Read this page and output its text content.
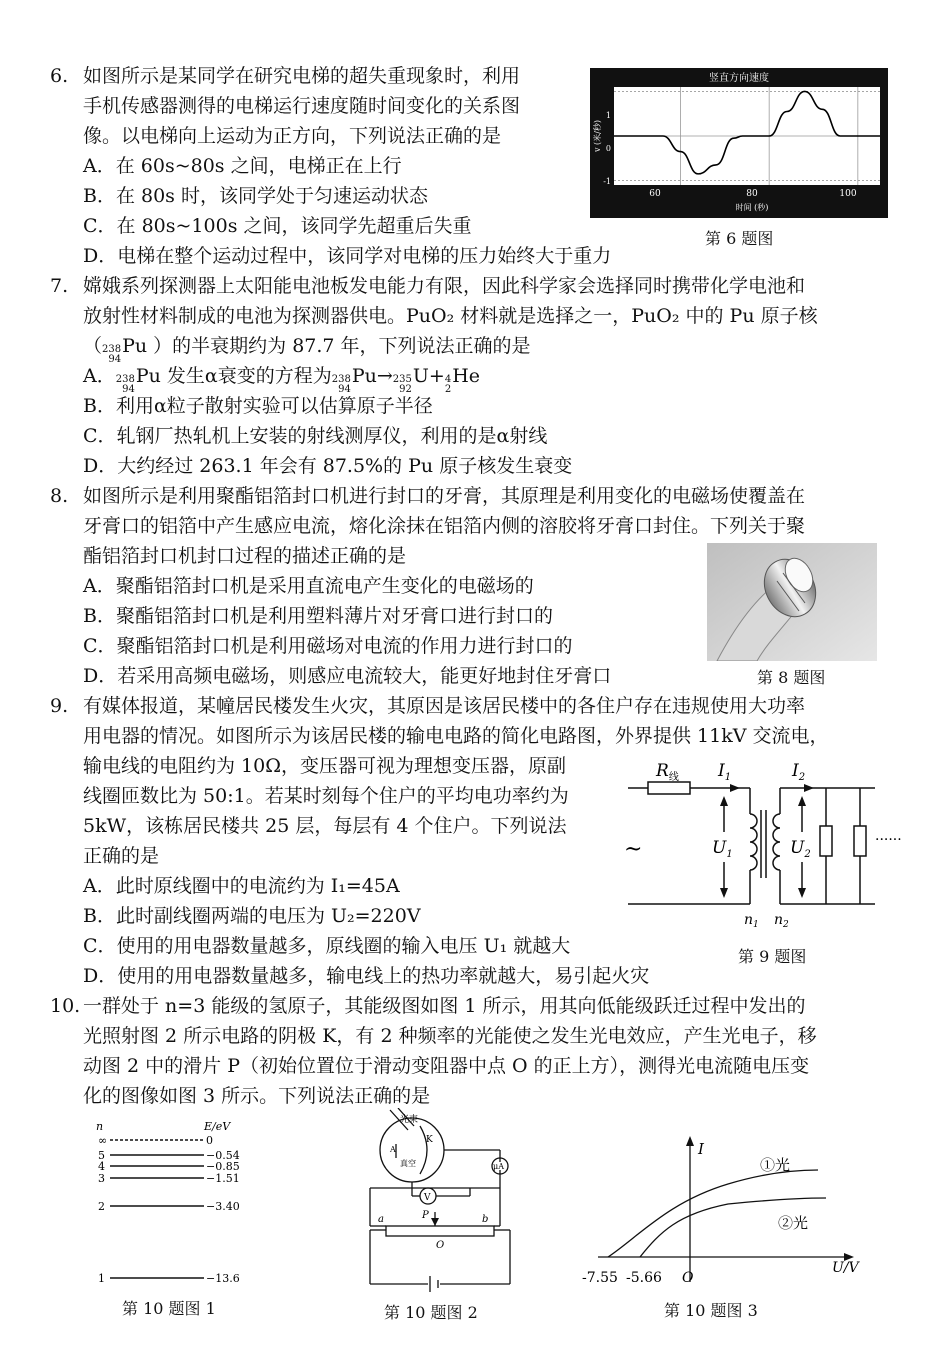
6. 如图所示是某同学在研究电梯的超失重现象时，利用
手机传感器测得的电梯运行速度随时间变化的关系图
像。以电梯向上运动为正方向，下列说法正确的是
A．在 60s~80s 之间，电梯正在上行
B．在 80s 时，该同学处于匀速运动状态
C．在 80s~100s 之间，该同学先超重后失重
D．电梯在整个运动过程中，该同学对电梯的压力始终大于重力
竖直方向速度
v (米/秒)
1
0
-1
60	80	100
时间 (秒)
第 6 题图
7. 嫦娥系列探测器上太阳能电池板发电能力有限，因此科学家会选择同时携带化学电池和
放射性材料制成的电池为探测器供电。PuO₂ 材料就是选择之一，PuO₂ 中的 Pu 原子核
（ 238
94
Pu ）的半衰期约为 87.7 年，下列说法正确的是
A． 238
94
Pu 发生α衰变的方程为 238
94
Pu→ 235
92
U+ 4
2
He
B．利用α粒子散射实验可以估算原子半径
C．轧钢厂热轧机上安装的射线测厚仪，利用的是α射线
D．大约经过 263.1 年会有 87.5%的 Pu 原子核发生衰变
8. 如图所示是利用聚酯铝箔封口机进行封口的牙膏，其原理是利用变化的电磁场使覆盖在
牙膏口的铝箔中产生感应电流，熔化涂抹在铝箔内侧的溶胶将牙膏口封住。下列关于聚
酯铝箔封口机封口过程的描述正确的是
A．聚酯铝箔封口机是采用直流电产生变化的电磁场的
B．聚酯铝箔封口机是利用塑料薄片对牙膏口进行封口的
C．聚酯铝箔封口机是利用磁场对电流的作用力进行封口的
D．若采用高频电磁场，则感应电流较大，能更好地封住牙膏口	第 8 题图
9. 有媒体报道，某幢居民楼发生火灾，其原因是该居民楼中的各住户存在违规使用大功率
用电器的情况。如图所示为该居民楼的输电电路的简化电路图，外界提供 11kV 交流电，
输电线的电阻约为 10Ω，变压器可视为理想变压器，原副
线圈匝数比为 50:1。若某时刻每个住户的平均电功率约为
5kW，该栋居民楼共 25 层，每层有 4 个住户。下列说法
正确的是
A．此时原线圈中的电流约为 I₁=45A
B．此时副线圈两端的电压为 U₂=220V
C．使用的用电器数量越多，原线圈的输入电压 U₁ 就越大
D．使用的用电器数量越多，输电线上的热功率就越大，易引起火灾
$R_线$ $I_1$	$I_2$
$U_1$	$U_2$
$n_1$ $n_2$
~	······
第 9 题图
10. 一群处于 n=3 能级的氢原子，其能级图如图 1 所示，用其向低能级跃迁过程中发出的
光照射图 2 所示电路的阴极 K，有 2 种频率的光能使之发生光电效应，产生光电子，移
动图 2 中的滑片 P（初始位置位于滑动变阻器中点 O 的正上方），测得光电流随电压变
化的图像如图 3 所示。下列说法正确的是
n	E/eV
∞	0
5	−0.54
4	−0.85
3	−1.51
2	−3.40
1	−13.6
第 10 题图 1
光束
K
A
真空
V
μA
a	b
P
O
第 10 题图 2
I
U/V
O
①光
②光
-7.55 -5.66
第 10 题图 3
